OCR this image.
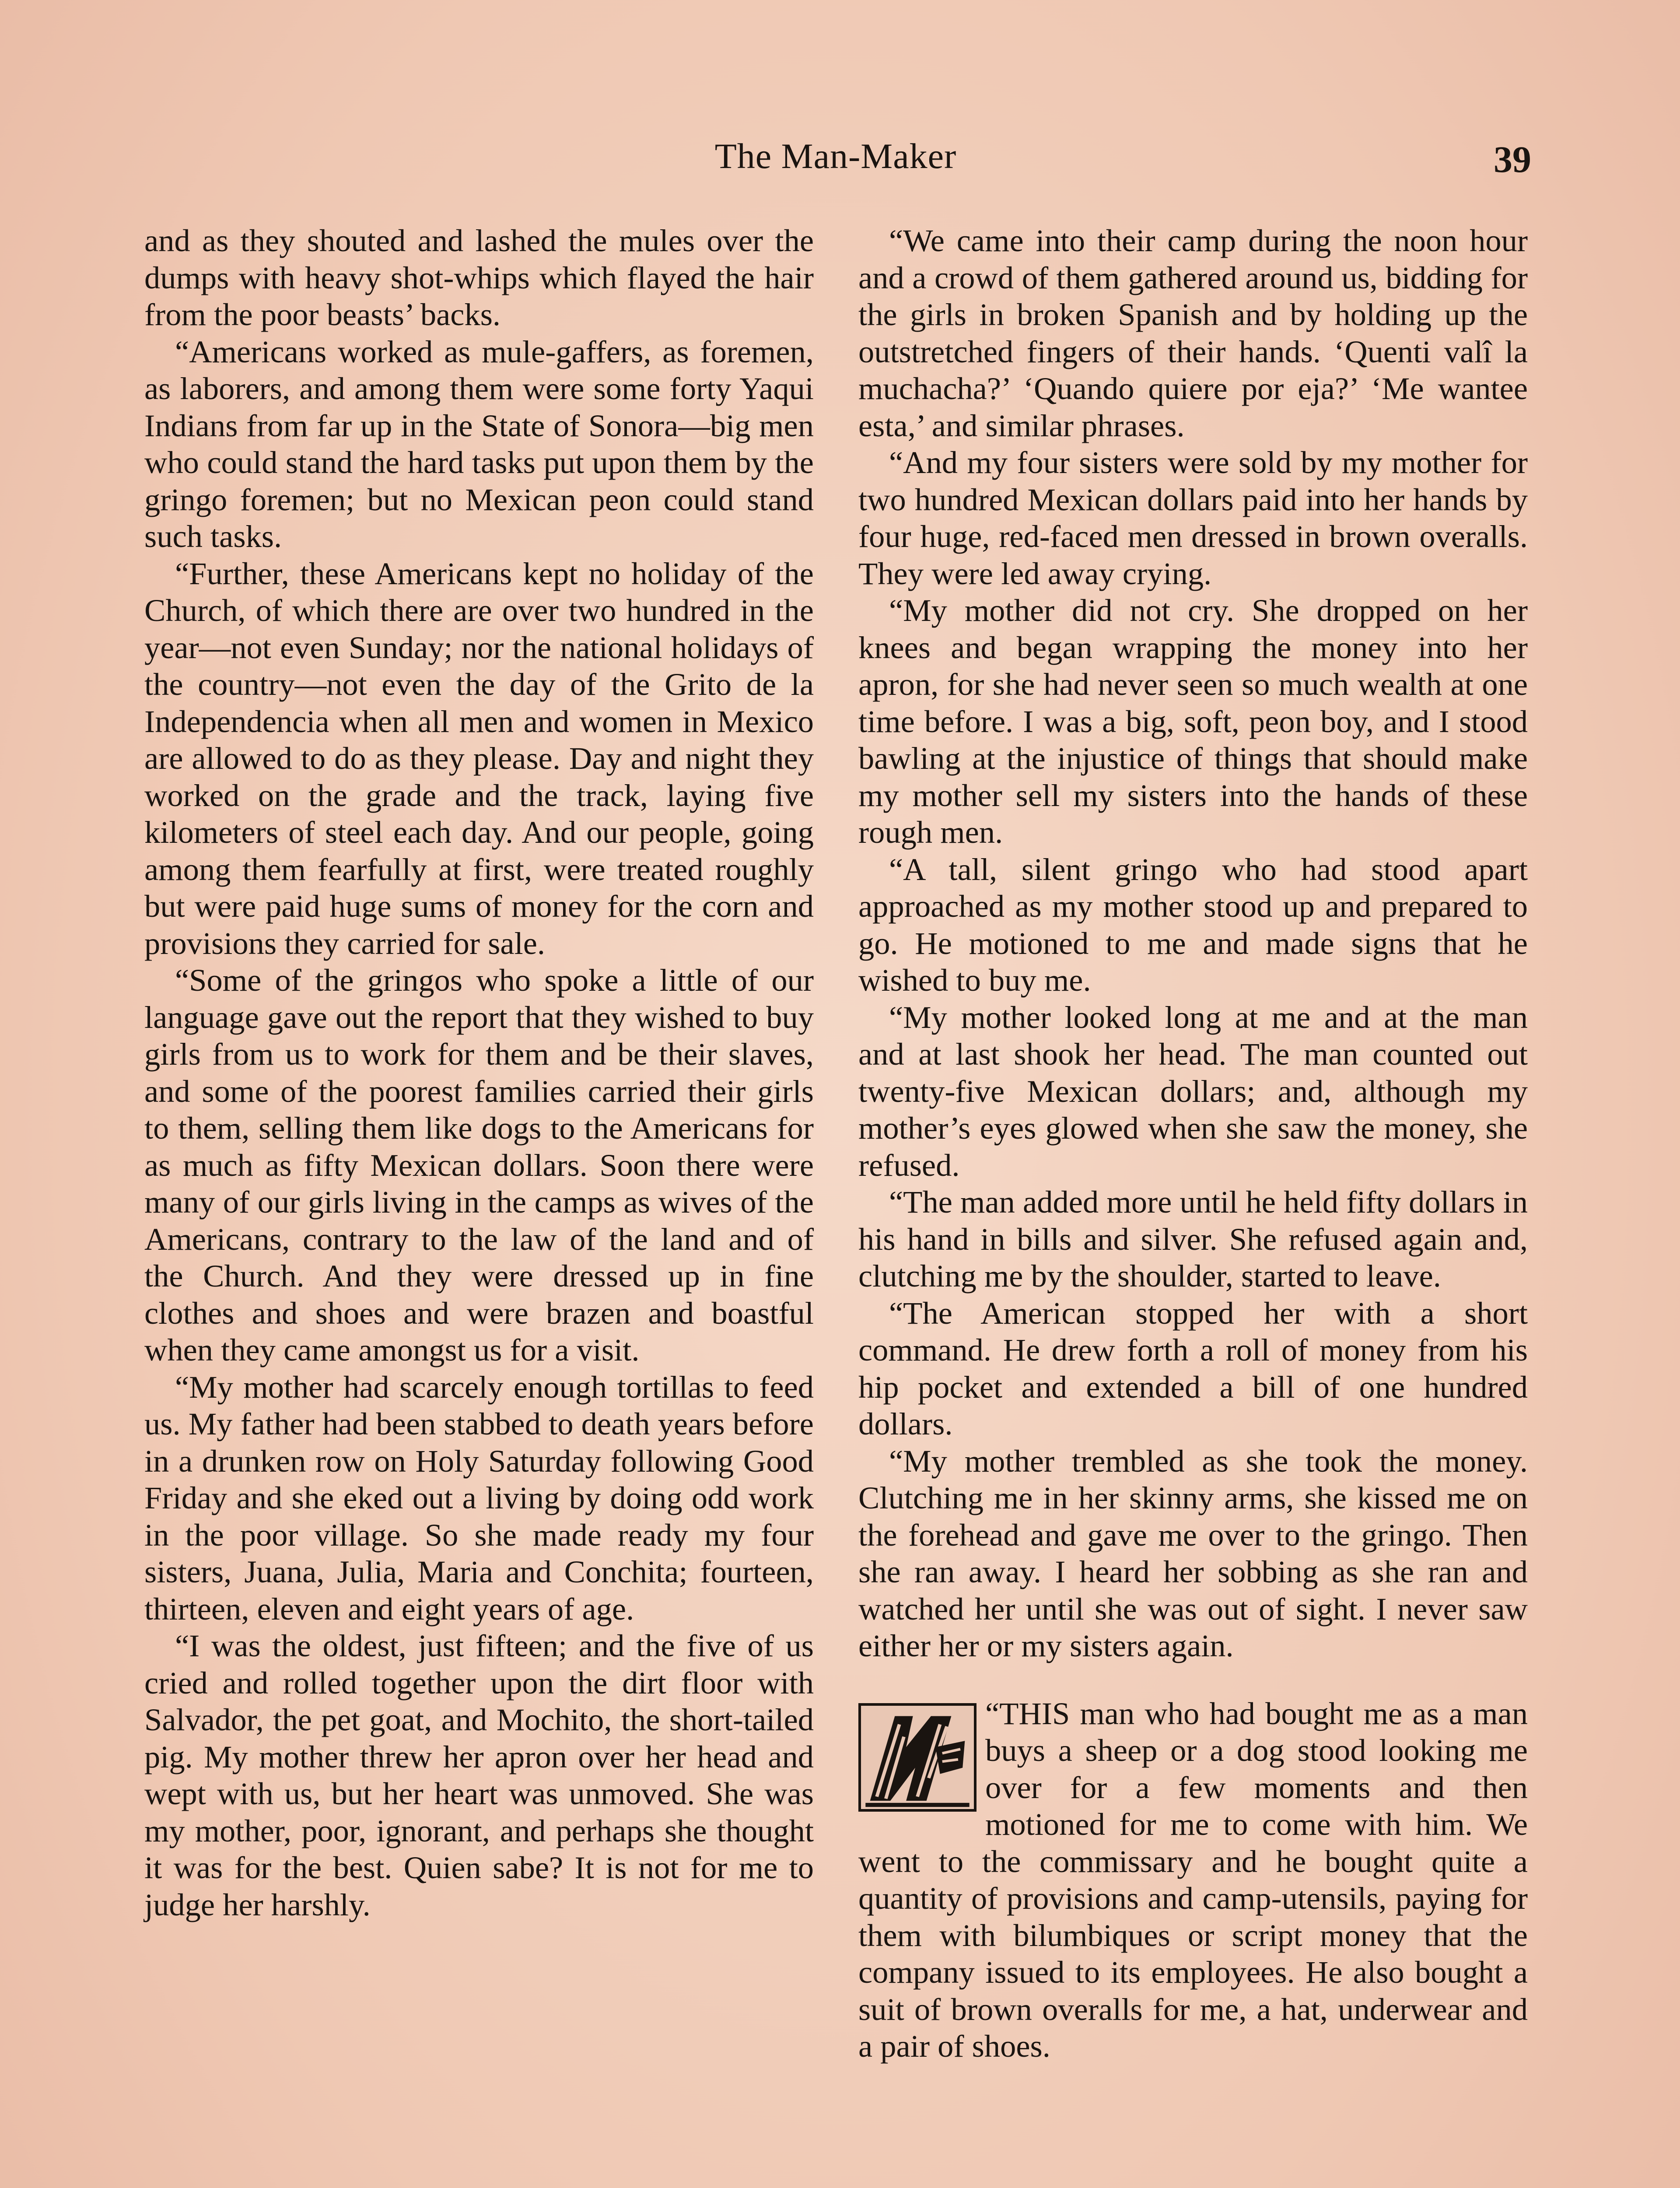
The Man-Maker	39

and as they shouted and lashed the mules over the dumps with heavy shot-whips which flayed the hair from the poor beasts’ backs.

“Americans worked as mule-gaffers, as foremen, as laborers, and among them were some forty Yaqui Indians from far up in the State of Sonora—big men who could stand the hard tasks put upon them by the gringo foremen; but no Mexican peon could stand such tasks.

“Further, these Americans kept no holiday of the Church, of which there are over two hundred in the year—not even Sunday; nor the national holidays of the country—not even the day of the Grito de la Independencia when all men and women in Mexico are allowed to do as they please. Day and night they worked on the grade and the track, laying five kilometers of steel each day. And our people, going among them fearfully at first, were treated roughly but were paid huge sums of money for the corn and provisions they carried for sale.

“Some of the gringos who spoke a little of our language gave out the report that they wished to buy girls from us to work for them and be their slaves, and some of the poorest families carried their girls to them, selling them like dogs to the Americans for as much as fifty Mexican dollars. Soon there were many of our girls living in the camps as wives of the Americans, contrary to the law of the land and of the Church. And they were dressed up in fine clothes and shoes and were brazen and boastful when they came amongst us for a visit.

“My mother had scarcely enough tortillas to feed us. My father had been stabbed to death years before in a drunken row on Holy Saturday following Good Friday and she eked out a living by doing odd work in the poor village. So she made ready my four sisters, Juana, Julia, Maria and Conchita; fourteen, thirteen, eleven and eight years of age.

“I was the oldest, just fifteen; and the five of us cried and rolled together upon the dirt floor with Salvador, the pet goat, and Mochito, the short-tailed pig. My mother threw her apron over her head and wept with us, but her heart was unmoved. She was my mother, poor, ignorant, and perhaps she thought it was for the best. Quien sabe? It is not for me to judge her harshly.

“We came into their camp during the noon hour and a crowd of them gathered around us, bidding for the girls in broken Spanish and by holding up the outstretched fingers of their hands. ‘Quenti valî la muchacha?’ ‘Quando quiere por eja?’ ‘Me wantee esta,’ and similar phrases.

“And my four sisters were sold by my mother for two hundred Mexican dollars paid into her hands by four huge, red-faced men dressed in brown overalls. They were led away crying.

“My mother did not cry. She dropped on her knees and began wrapping the money into her apron, for she had never seen so much wealth at one time before. I was a big, soft, peon boy, and I stood bawling at the injustice of things that should make my mother sell my sisters into the hands of these rough men.

“A tall, silent gringo who had stood apart approached as my mother stood up and prepared to go. He motioned to me and made signs that he wished to buy me.

“My mother looked long at me and at the man and at last shook her head. The man counted out twenty-five Mexican dollars; and, although my mother’s eyes glowed when she saw the money, she refused.

“The man added more until he held fifty dollars in his hand in bills and silver. She refused again and, clutching me by the shoulder, started to leave.

“The American stopped her with a short command. He drew forth a roll of money from his hip pocket and extended a bill of one hundred dollars.

“My mother trembled as she took the money. Clutching me in her skinny arms, she kissed me on the forehead and gave me over to the gringo. Then she ran away. I heard her sobbing as she ran and watched her until she was out of sight. I never saw either her or my sisters again.

“THIS man who had bought me as a man buys a sheep or a dog stood looking me over for a few moments and then motioned for me to come with him. We went to the commissary and he bought quite a quantity of provisions and camp-utensils, paying for them with bilumbiques or script money that the company issued to its employees. He also bought a suit of brown overalls for me, a hat, underwear and a pair of shoes.
